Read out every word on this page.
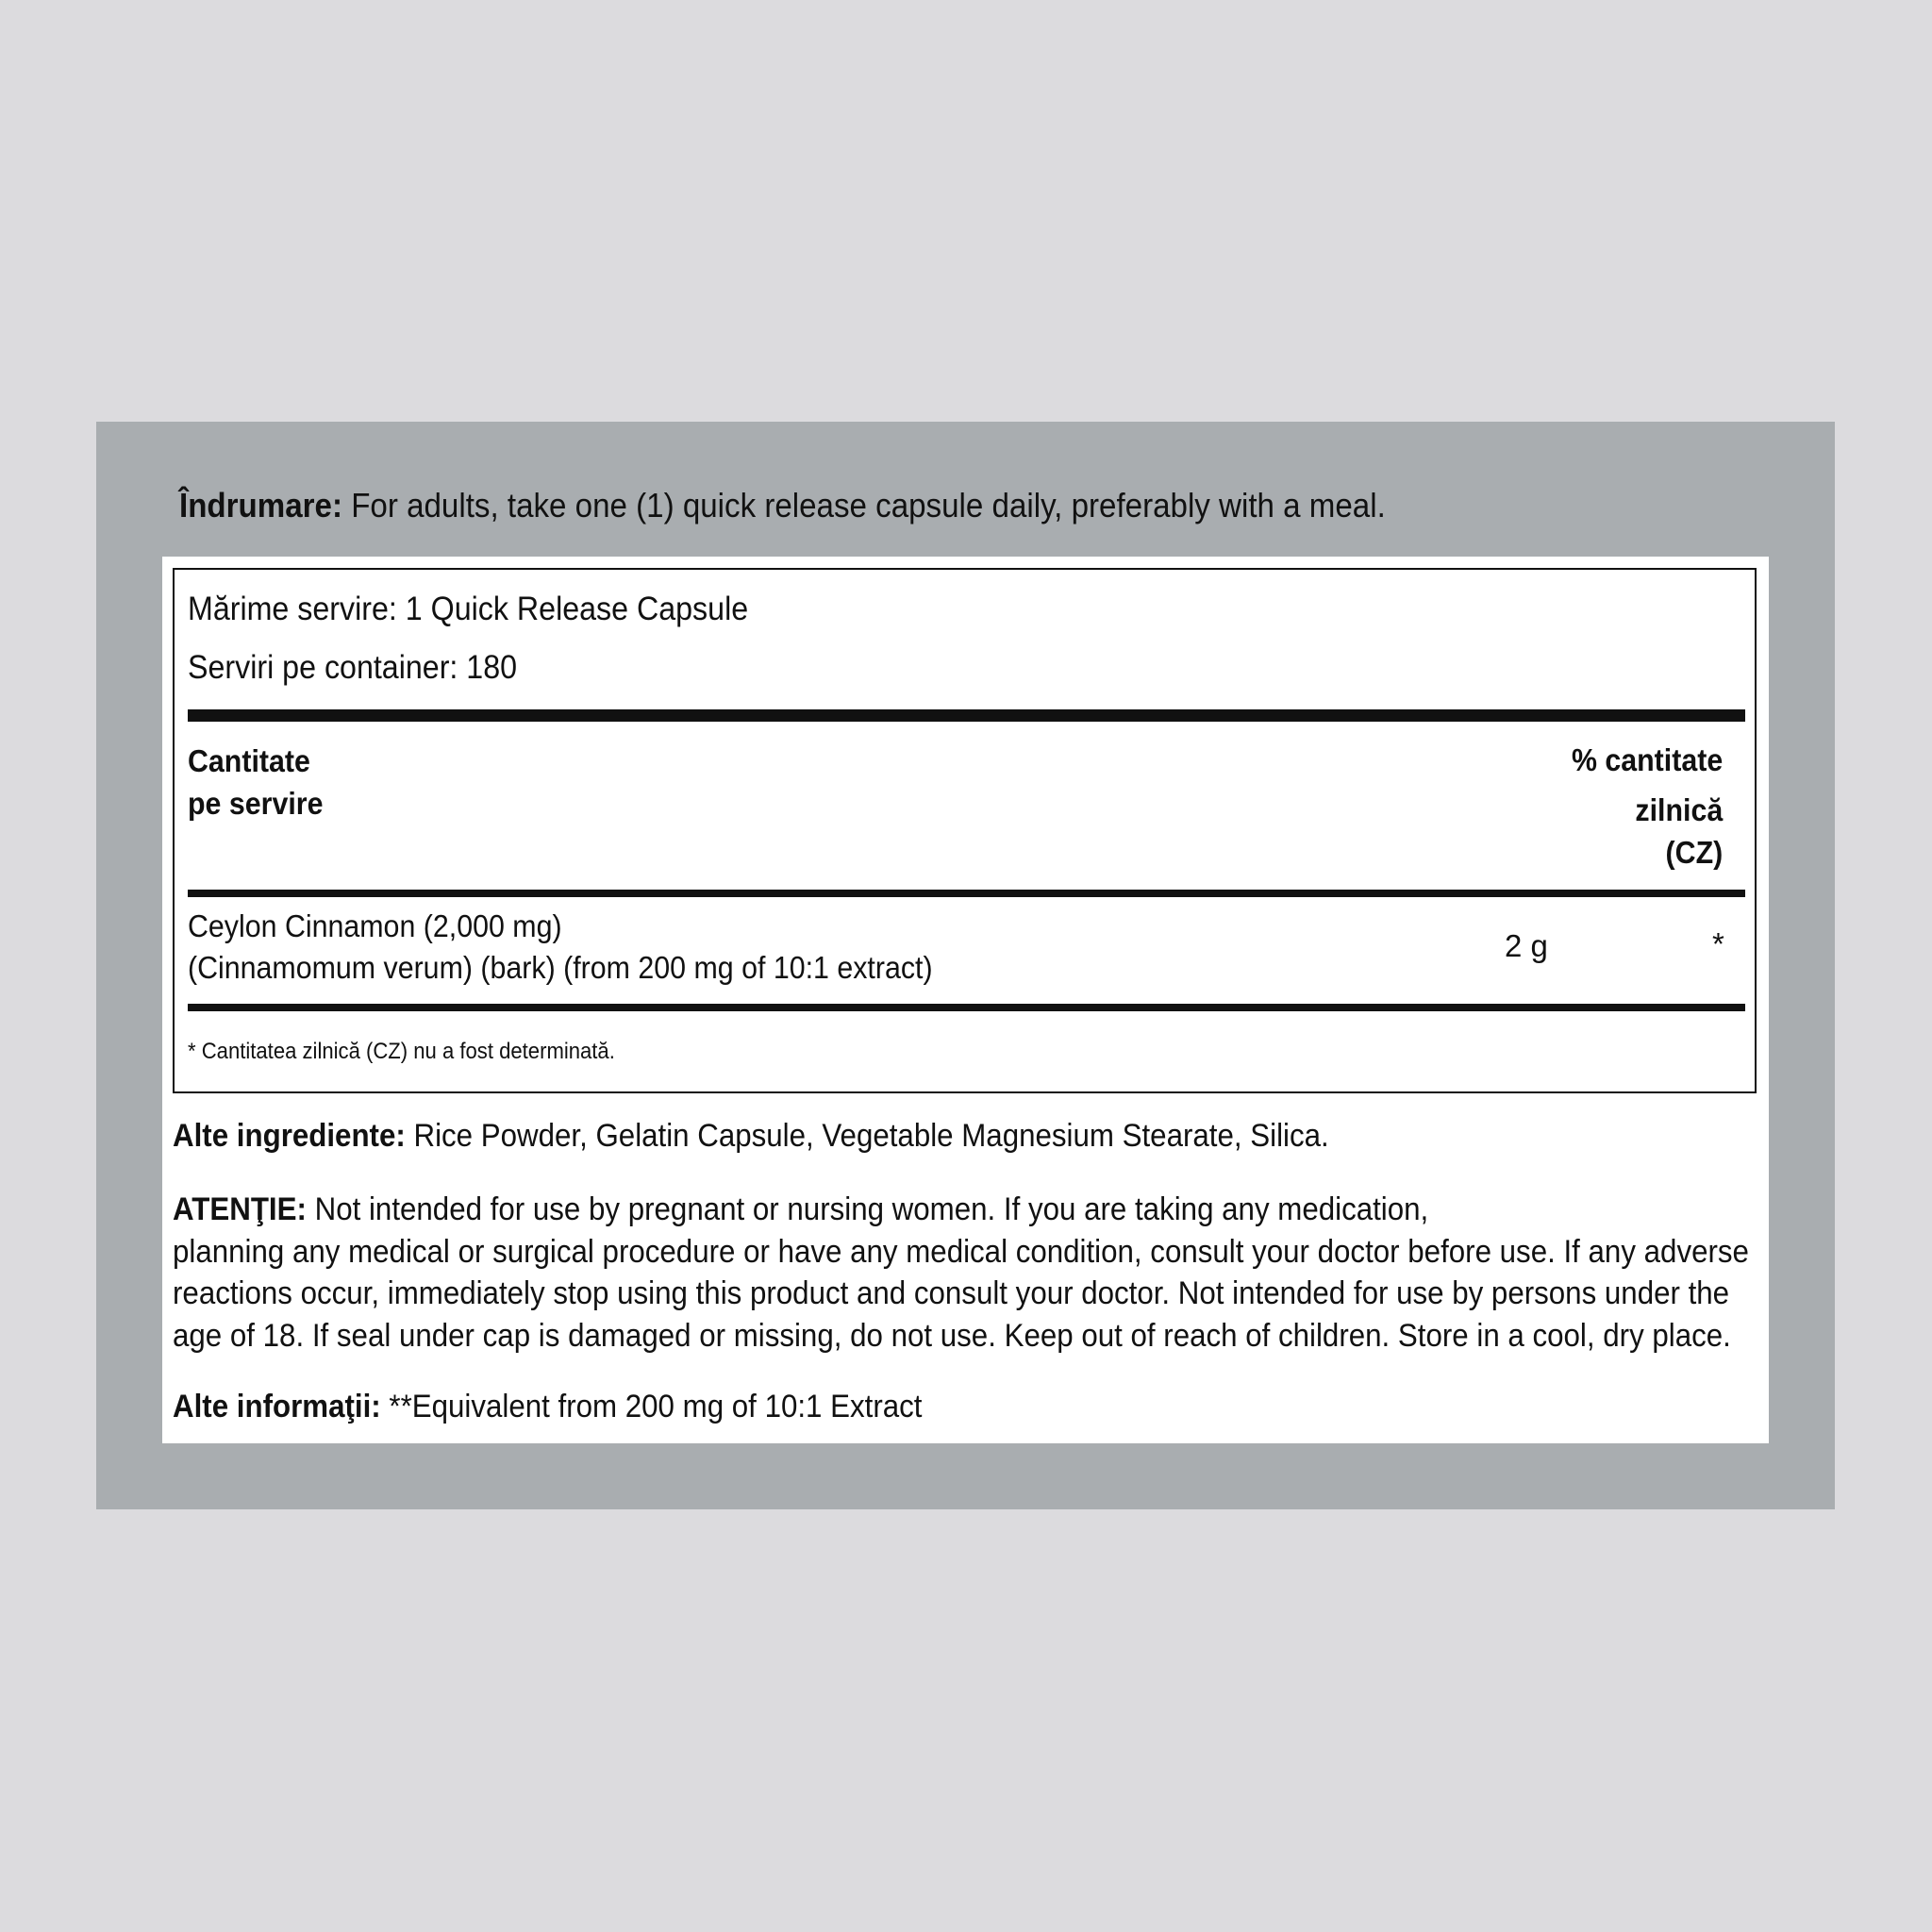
Îndrumare: For adults, take one (1) quick release capsule daily, preferably with a meal.
Mărime servire: 1 Quick Release Capsule
Serviri pe container: 180
Cantitate
pe servire
% cantitate
zilnică
(CZ)
Ceylon Cinnamon (2,000 mg)
(Cinnamomum verum) (bark) (from 200 mg of 10:1 extract)
2 g	*
* Cantitatea zilnică (CZ) nu a fost determinată.
Alte ingrediente: Rice Powder, Gelatin Capsule, Vegetable Magnesium Stearate, Silica.
ATENŢIE: Not intended for use by pregnant or nursing women. If you are taking any medication,
planning any medical or surgical procedure or have any medical condition, consult your doctor before use. If any adverse
reactions occur, immediately stop using this product and consult your doctor. Not intended for use by persons under the
age of 18. If seal under cap is damaged or missing, do not use. Keep out of reach of children. Store in a cool, dry place.
Alte informaţii: **Equivalent from 200 mg of 10:1 Extract
